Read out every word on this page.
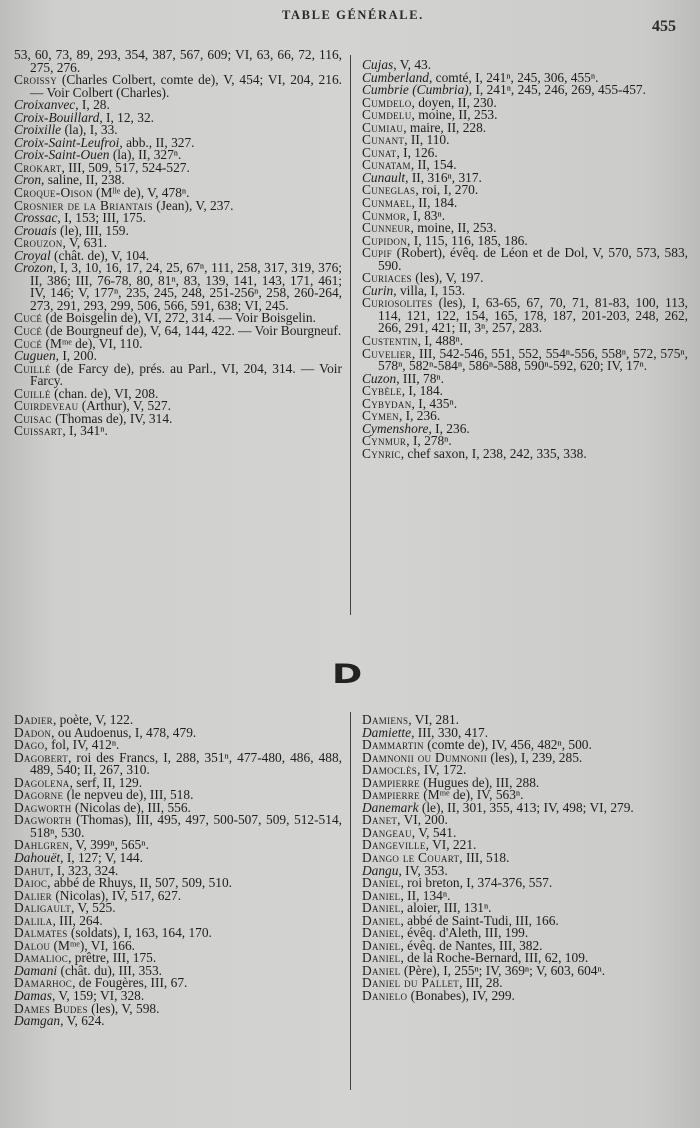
TABLE GÉNÉRALE.
455

53, 60, 73, 89, 293, 354, 387, 567, 609; VI, 63, 66, 72, 116, 275, 276.

Croissy (Charles Colbert, comte de), V, 454; VI, 204, 216. — Voir Colbert (Charles).

Croixanvec, I, 28.

Croix-Bouillard, I, 12, 32.

Croixille (la), I, 33.

Croix-Saint-Leufroi, abb., II, 327.

Croix-Saint-Ouen (la), II, 327ⁿ.

Crokart, III, 509, 517, 524-527.

Cron, saline, II, 238.

Croque-Oison (Mˡˡᵉ de), V, 478ⁿ.

Crosnier de la Briantais (Jean), V, 237.

Crossac, I, 153; III, 175.

Crouais (le), III, 159.

Crouzon, V, 631.

Croyal (chât. de), V, 104.

Crozon, I, 3, 10, 16, 17, 24, 25, 67ⁿ, 111, 258, 317, 319, 376; II, 386; III, 76-78, 80, 81ⁿ, 83, 139, 141, 143, 171, 461; IV, 146; V, 177ⁿ, 235, 245, 248, 251-256ⁿ, 258, 260-264, 273, 291, 293, 299, 506, 566, 591, 638; VI, 245.

Cucé (de Boisgelin de), VI, 272, 314. — Voir Boisgelin.

Cucé (de Bourgneuf de), V, 64, 144, 422. — Voir Bourgneuf.

Cucé (Mᵐᵉ de), VI, 110.

Cuguen, I, 200.

Cuillé (de Farcy de), prés. au Parl., VI, 204, 314. — Voir Farcy.

Cuillé (chan. de), VI, 208.

Cuirdeveau (Arthur), V, 527.

Cuisac (Thomas de), IV, 314.

Cuissart, I, 341ⁿ.

Cujas, V, 43.

Cumberland, comté, I, 241ⁿ, 245, 306, 455ⁿ.

Cumbrie (Cumbria), I, 241ⁿ, 245, 246, 269, 455-457.

Cumdelo, doyen, II, 230.

Cumdelu, moine, II, 253.

Cumiau, maire, II, 228.

Cunant, II, 110.

Cunat, I, 126.

Cunatam, II, 154.

Cunault, II, 316ⁿ, 317.

Cuneglas, roi, I, 270.

Cunmael, II, 184.

Cunmor, I, 83ⁿ.

Cunneur, moine, II, 253.

Cupidon, I, 115, 116, 185, 186.

Cupif (Robert), évêq. de Léon et de Dol, V, 570, 573, 583, 590.

Curiaces (les), V, 197.

Curin, villa, I, 153.

Curiosolites (les), I, 63-65, 67, 70, 71, 81-83, 100, 113, 114, 121, 122, 154, 165, 178, 187, 201-203, 248, 262, 266, 291, 421; II, 3ⁿ, 257, 283.

Custentin, I, 488ⁿ.

Cuvelier, III, 542-546, 551, 552, 554ⁿ-556, 558ⁿ, 572, 575ⁿ, 578ⁿ, 582ⁿ-584ⁿ, 586ⁿ-588, 590ⁿ-592, 620; IV, 17ⁿ.

Cuzon, III, 78ⁿ.

Cybèle, I, 184.

Cybydan, I, 435ⁿ.

Cymen, I, 236.

Cymenshore, I, 236.

Cynmur, I, 278ⁿ.

Cynric, chef saxon, I, 238, 242, 335, 338.

D

Dadier, poète, V, 122.

Dadon, ou Audoenus, I, 478, 479.

Dago, fol, IV, 412ⁿ.

Dagobert, roi des Francs, I, 288, 351ⁿ, 477-480, 486, 488, 489, 540; II, 267, 310.

Dagolena, serf, II, 129.

Dagorne (le nepveu de), III, 518.

Dagworth (Nicolas de), III, 556.

Dagworth (Thomas), III, 495, 497, 500-507, 509, 512-514, 518ⁿ, 530.

Dahlgren, V, 399ⁿ, 565ⁿ.

Dahouët, I, 127; V, 144.

Dahut, I, 323, 324.

Daioc, abbé de Rhuys, II, 507, 509, 510.

Dalier (Nicolas), IV, 517, 627.

Daligault, V, 525.

Dalila, III, 264.

Dalmates (soldats), I, 163, 164, 170.

Dalou (Mᵐᵉ), VI, 166.

Damalioc, prêtre, III, 175.

Damani (chât. du), III, 353.

Damarhoc, de Fougères, III, 67.

Damas, V, 159; VI, 328.

Dames Budes (les), V, 598.

Damgan, V, 624.

Damiens, VI, 281.

Damiette, III, 330, 417.

Dammartin (comte de), IV, 456, 482ⁿ, 500.

Damnonii ou Dumnonii (les), I, 239, 285.

Damoclès, IV, 172.

Dampierre (Hugues de), III, 288.

Dampierre (Mᵐᵉ de), IV, 563ⁿ.

Danemark (le), II, 301, 355, 413; IV, 498; VI, 279.

Danet, VI, 200.

Dangeau, V, 541.

Dangeville, VI, 221.

Dango le Couart, III, 518.

Dangu, IV, 353.

Daniel, roi breton, I, 374-376, 557.

Daniel, II, 134ⁿ.

Daniel, aloier, III, 131ⁿ.

Daniel, abbé de Saint-Tudi, III, 166.

Daniel, évêq. d'Aleth, III, 199.

Daniel, évêq. de Nantes, III, 382.

Daniel, de la Roche-Bernard, III, 62, 109.

Daniel (Père), I, 255ⁿ; IV, 369ⁿ; V, 603, 604ⁿ.

Daniel du Pallet, III, 28.

Danielo (Bonabes), IV, 299.
